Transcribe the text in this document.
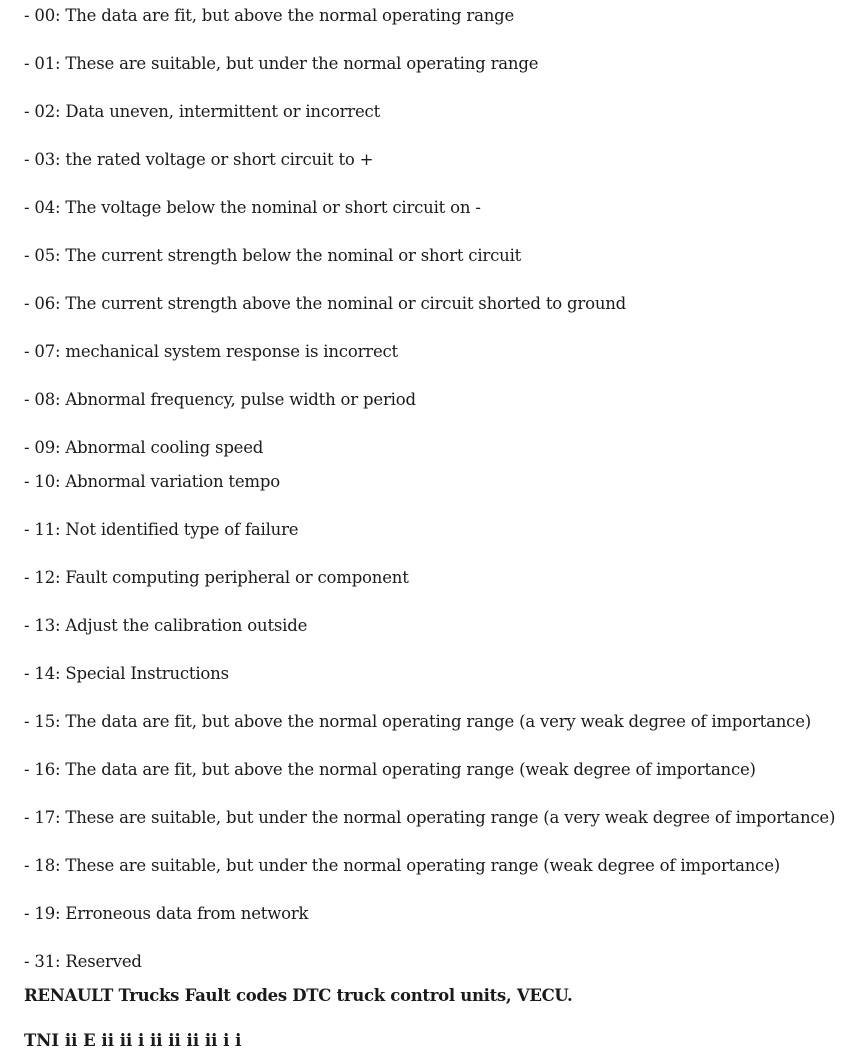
- 00: The data are fit, but above the normal operating range
- 01: These are suitable, but under the normal operating range
- 02: Data uneven, intermittent or incorrect
- 03: the rated voltage or short circuit to +
- 04: The voltage below the nominal or short circuit on -
- 05: The current strength below the nominal or short circuit
- 06: The current strength above the nominal or circuit shorted to ground
- 07: mechanical system response is incorrect
- 08: Abnormal frequency, pulse width or period
- 09: Abnormal cooling speed
- 10: Abnormal variation tempo
- 11: Not identified type of failure
- 12: Fault computing peripheral or component
- 13: Adjust the calibration outside
- 14: Special Instructions
- 15: The data are fit, but above the normal operating range (a very weak degree of importance)
- 16: The data are fit, but above the normal operating range (weak degree of importance)
- 17: These are suitable, but under the normal operating range (a very weak degree of importance)
- 18: These are suitable, but under the normal operating range (weak degree of importance)
- 19: Erroneous data from network
- 31: Reserved
RENAULT Trucks Fault codes DTC truck control units, VECU.
TNI ii E ii ii i ii ii ii ii i i
